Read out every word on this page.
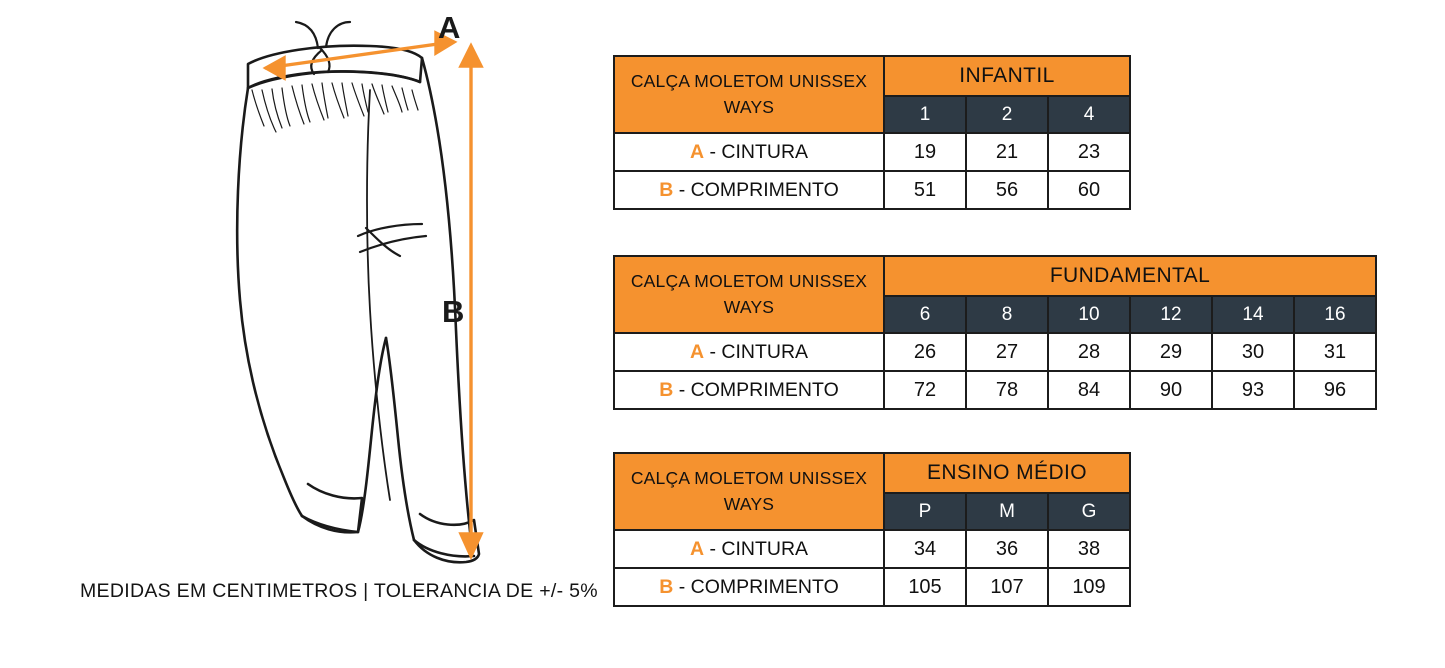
A
B
MEDIDAS EM CENTIMETROS | TOLERANCIA DE +/- 5%
CALÇA MOLETOM UNISSEX
WAYS	INFANTIL		
	1	2	4
A - CINTURA	19	21	23
B - COMPRIMENTO	51	56	60
CALÇA MOLETOM UNISSEX
WAYS	FUNDAMENTAL					
	6	8	10	12	14	16
A - CINTURA	26	27	28	29	30	31
B - COMPRIMENTO	72	78	84	90	93	96
CALÇA MOLETOM UNISSEX
WAYS	ENSINO MÉDIO		
	P	M	G
A - CINTURA	34	36	38
B - COMPRIMENTO	105	107	109
